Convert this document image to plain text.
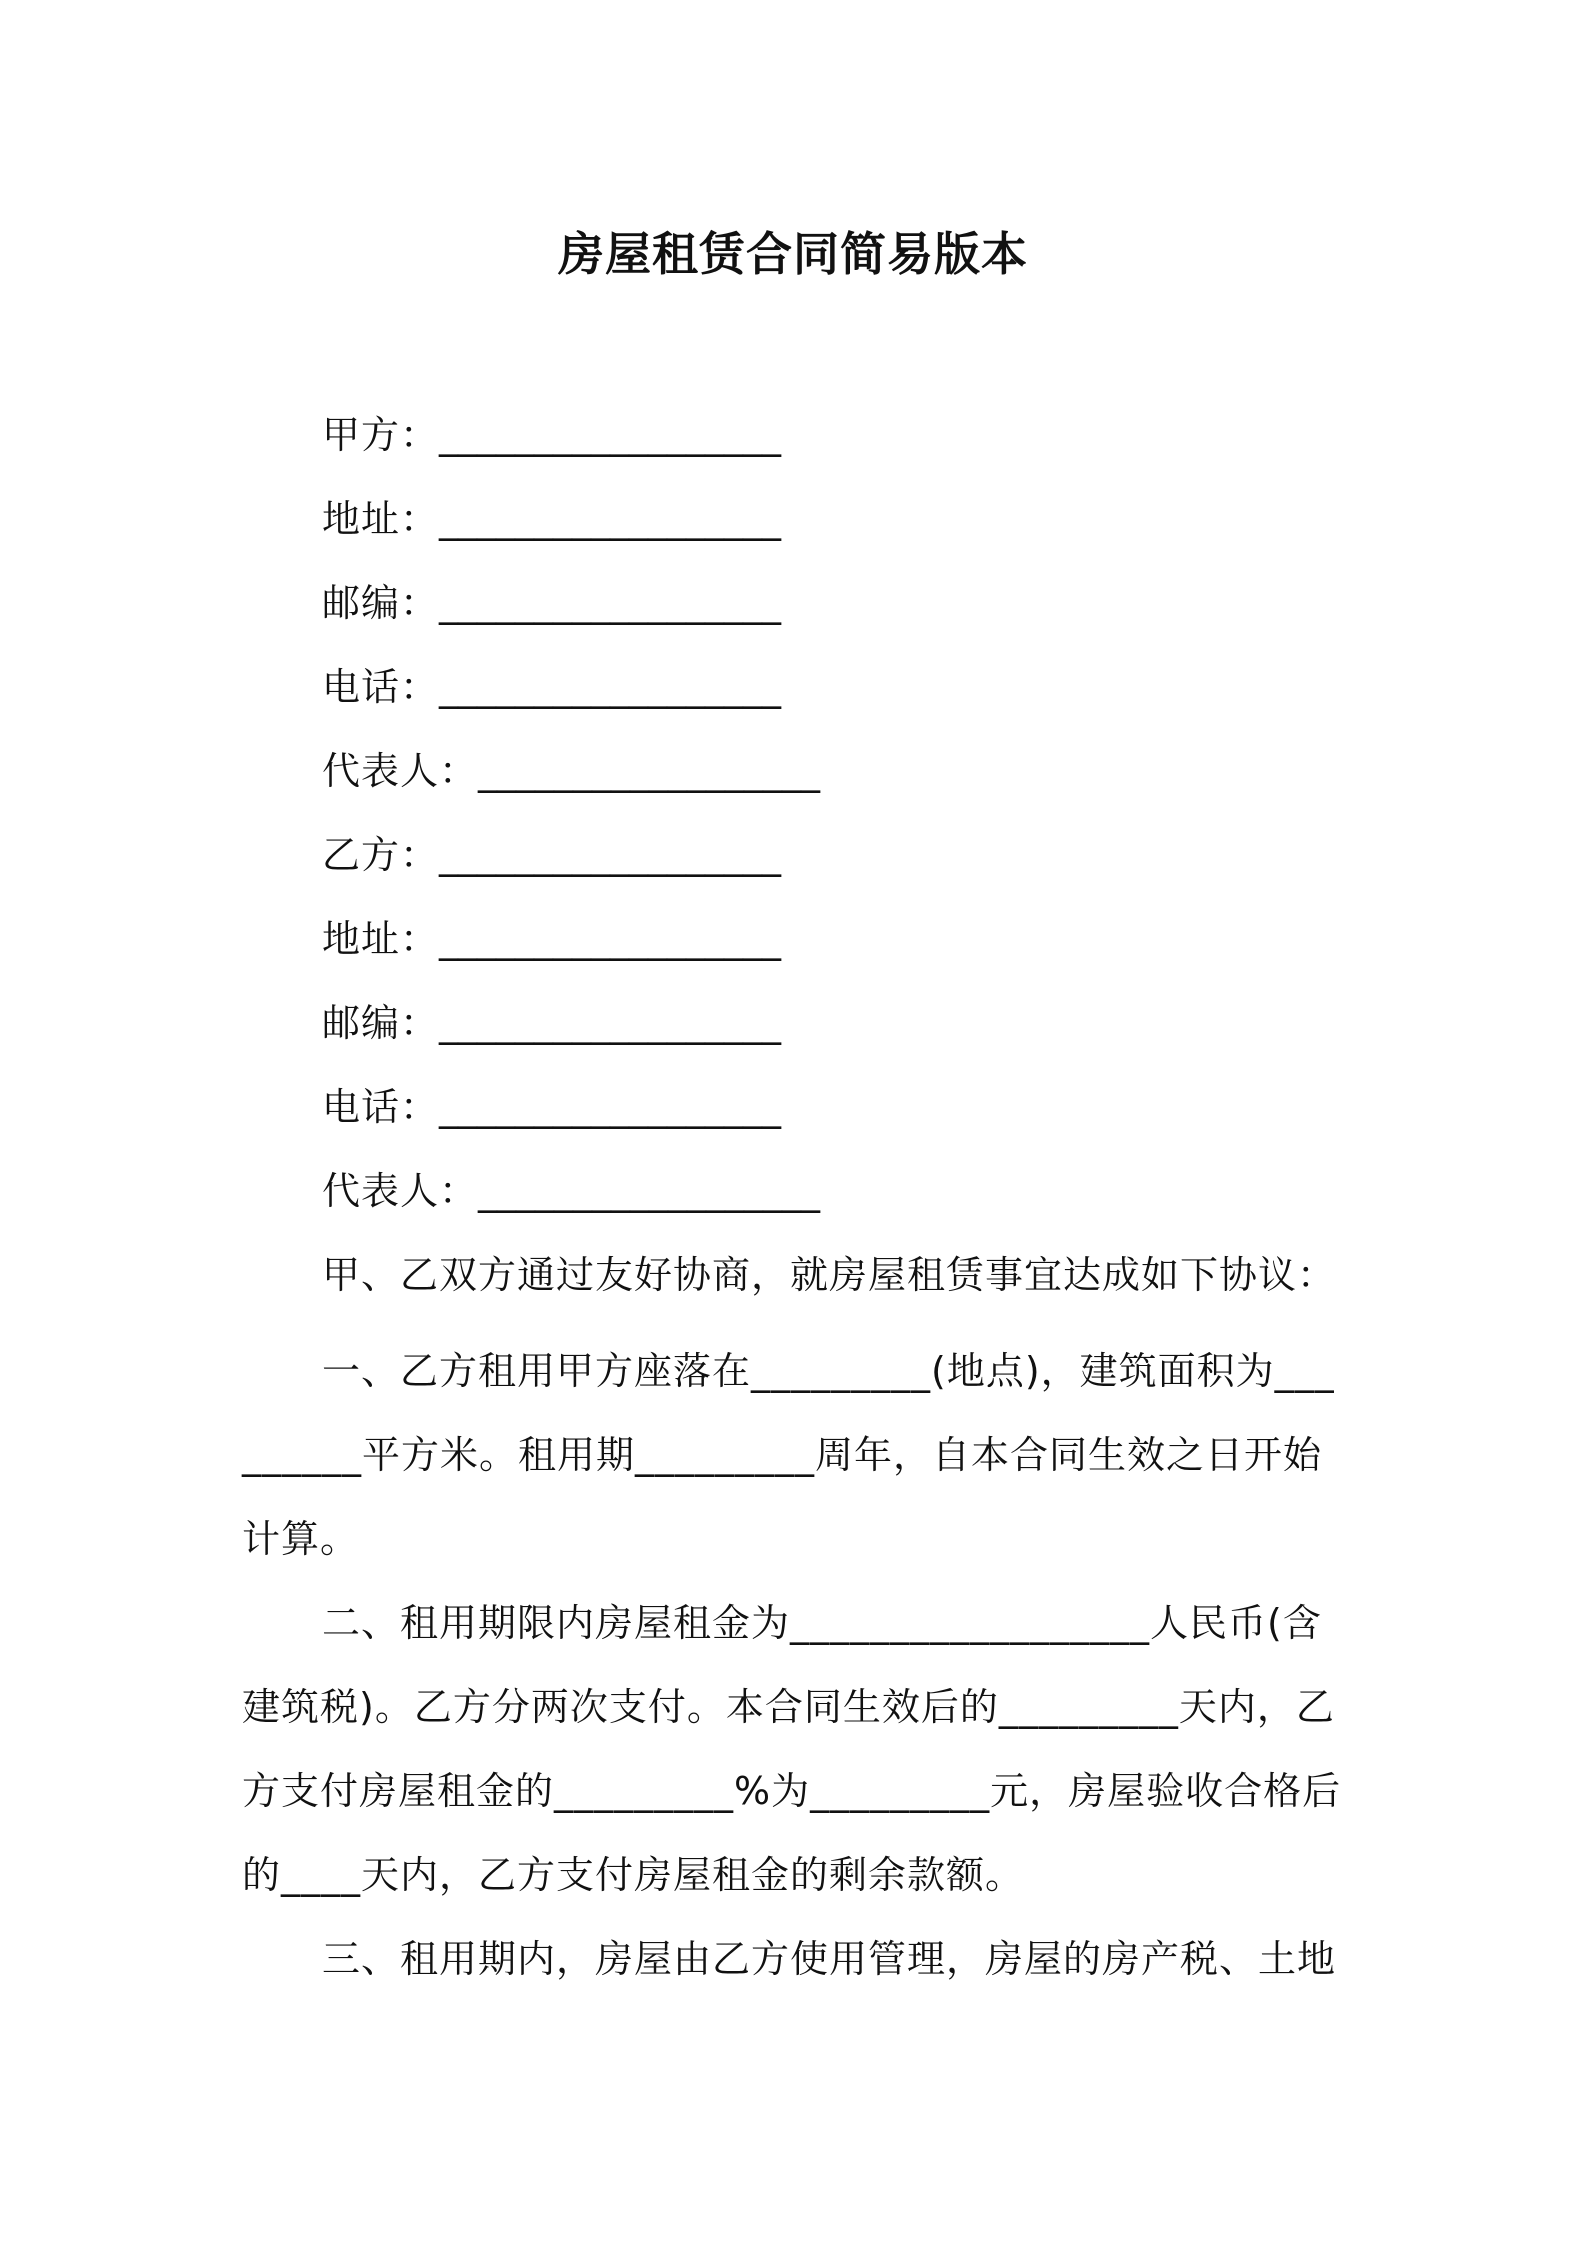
房屋租赁合同简易版本
甲方：__________________
地址：__________________
邮编：__________________
电话：__________________
代表人：__________________
乙方：__________________
地址：__________________
邮编：__________________
电话：__________________
代表人：__________________
甲、乙双方通过友好协商，就房屋租赁事宜达成如下协议：

一、乙方租用甲方座落在_________(地点)，建筑面积为_________平方米。租用期_________周年，自本合同生效之日开始计算。

二、租用期限内房屋租金为__________________人民币(含建筑税)。乙方分两次支付。本合同生效后的_________天内，乙方支付房屋租金的_________%为_________元，房屋验收合格后的____天内，乙方支付房屋租金的剩余款额。

三、租用期内，房屋由乙方使用管理，房屋的房产税、土地
